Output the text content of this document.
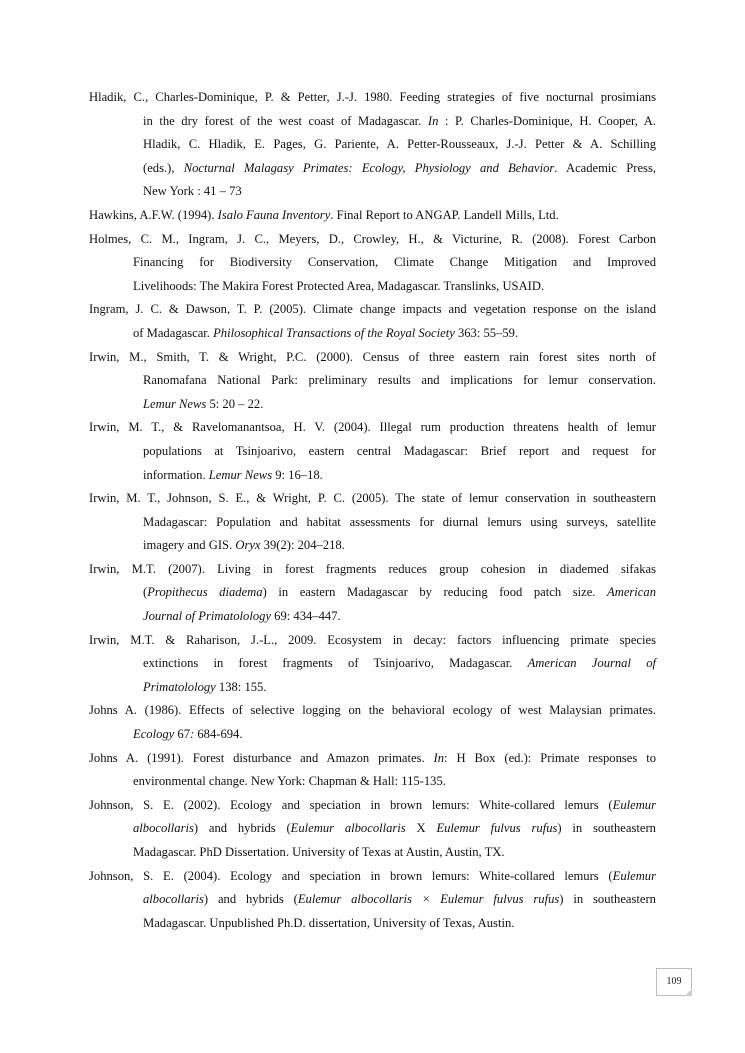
Hladik, C., Charles-Dominique, P. & Petter, J.-J. 1980. Feeding strategies of five nocturnal prosimians
in the dry forest of the west coast of Madagascar. In : P. Charles-Dominique, H. Cooper, A.
Hladik, C. Hladik, E. Pages, G. Pariente, A. Petter-Rousseaux, J.-J. Petter & A. Schilling
(eds.), Nocturnal Malagasy Primates: Ecology, Physiology and Behavior. Academic Press,
New York : 41 – 73
Hawkins, A.F.W. (1994). Isalo Fauna Inventory. Final Report to ANGAP. Landell Mills, Ltd.
Holmes, C. M., Ingram, J. C., Meyers, D., Crowley, H., & Victurine, R. (2008). Forest Carbon
Financing for Biodiversity Conservation, Climate Change Mitigation and Improved
Livelihoods: The Makira Forest Protected Area, Madagascar. Translinks, USAID.
Ingram, J. C. & Dawson, T. P. (2005). Climate change impacts and vegetation response on the island
of Madagascar. Philosophical Transactions of the Royal Society 363: 55–59.
Irwin, M., Smith, T. & Wright, P.C. (2000). Census of three eastern rain forest sites north of
Ranomafana National Park: preliminary results and implications for lemur conservation.
Lemur News 5: 20 – 22.
Irwin, M. T., & Ravelomanantsoa, H. V. (2004). Illegal rum production threatens health of lemur
populations at Tsinjoarivo, eastern central Madagascar: Brief report and request for
information. Lemur News 9: 16–18.
Irwin, M. T., Johnson, S. E., & Wright, P. C. (2005). The state of lemur conservation in southeastern
Madagascar: Population and habitat assessments for diurnal lemurs using surveys, satellite
imagery and GIS. Oryx 39(2): 204–218.
Irwin, M.T. (2007). Living in forest fragments reduces group cohesion in diademed sifakas
(Propithecus diadema) in eastern Madagascar by reducing food patch size. American
Journal of Primatolology 69: 434–447.
Irwin, M.T. & Raharison, J.-L., 2009. Ecosystem in decay: factors influencing primate species
extinctions in forest fragments of Tsinjoarivo, Madagascar. American Journal of
Primatolology 138: 155.
Johns A. (1986). Effects of selective logging on the behavioral ecology of west Malaysian primates.
Ecology 67: 684-694.
Johns A. (1991). Forest disturbance and Amazon primates. In: H Box (ed.): Primate responses to
environmental change. New York: Chapman & Hall: 115-135.
Johnson, S. E. (2002). Ecology and speciation in brown lemurs: White-collared lemurs (Eulemur
albocollaris) and hybrids (Eulemur albocollaris X Eulemur fulvus rufus) in southeastern
Madagascar. PhD Dissertation. University of Texas at Austin, Austin, TX.
Johnson, S. E. (2004). Ecology and speciation in brown lemurs: White-collared lemurs (Eulemur
albocollaris) and hybrids (Eulemur albocollaris × Eulemur fulvus rufus) in southeastern
Madagascar. Unpublished Ph.D. dissertation, University of Texas, Austin.
109
